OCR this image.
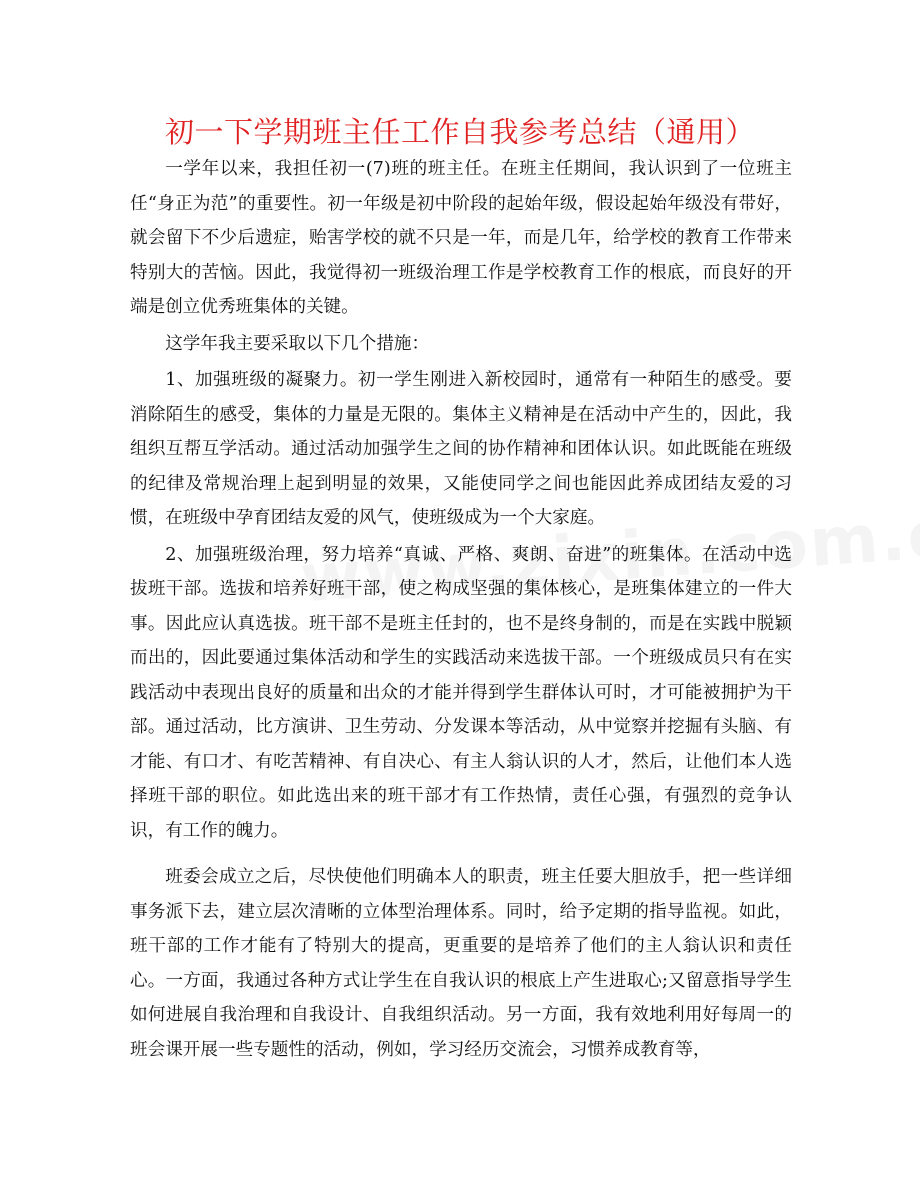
初一下学期班主任工作自我参考总结（通用）

一学年以来，我担任初一(7)班的班主任。在班主任期间，我认识到了一位班主任“身正为范”的重要性。初一年级是初中阶段的起始年级，假设起始年级没有带好，就会留下不少后遗症，贻害学校的就不只是一年，而是几年，给学校的教育工作带来特别大的苦恼。因此，我觉得初一班级治理工作是学校教育工作的根底，而良好的开端是创立优秀班集体的关键。

这学年我主要采取以下几个措施：

1、加强班级的凝聚力。初一学生刚进入新校园时，通常有一种陌生的感受。要消除陌生的感受，集体的力量是无限的。集体主义精神是在活动中产生的，因此，我组织互帮互学活动。通过活动加强学生之间的协作精神和团体认识。如此既能在班级的纪律及常规治理上起到明显的效果，又能使同学之间也能因此养成团结友爱的习惯，在班级中孕育团结友爱的风气，使班级成为一个大家庭。

2、加强班级治理，努力培养“真诚、严格、爽朗、奋进”的班集体。在活动中选拔班干部。选拔和培养好班干部，使之构成坚强的集体核心，是班集体建立的一件大事。因此应认真选拔。班干部不是班主任封的，也不是终身制的，而是在实践中脱颖而出的，因此要通过集体活动和学生的实践活动来选拔干部。一个班级成员只有在实践活动中表现出良好的质量和出众的才能并得到学生群体认可时，才可能被拥护为干部。通过活动，比方演讲、卫生劳动、分发课本等活动，从中觉察并挖掘有头脑、有才能、有口才、有吃苦精神、有自决心、有主人翁认识的人才，然后，让他们本人选择班干部的职位。如此选出来的班干部才有工作热情，责任心强，有强烈的竞争认识，有工作的魄力。

班委会成立之后，尽快使他们明确本人的职责，班主任要大胆放手，把一些详细事务派下去，建立层次清晰的立体型治理体系。同时，给予定期的指导监视。如此，班干部的工作才能有了特别大的提高，更重要的是培养了他们的主人翁认识和责任心。一方面，我通过各种方式让学生在自我认识的根底上产生进取心;又留意指导学生如何进展自我治理和自我设计、自我组织活动。另一方面，我有效地利用好每周一的班会课开展一些专题性的活动，例如，学习经历交流会，习惯养成教育等，
